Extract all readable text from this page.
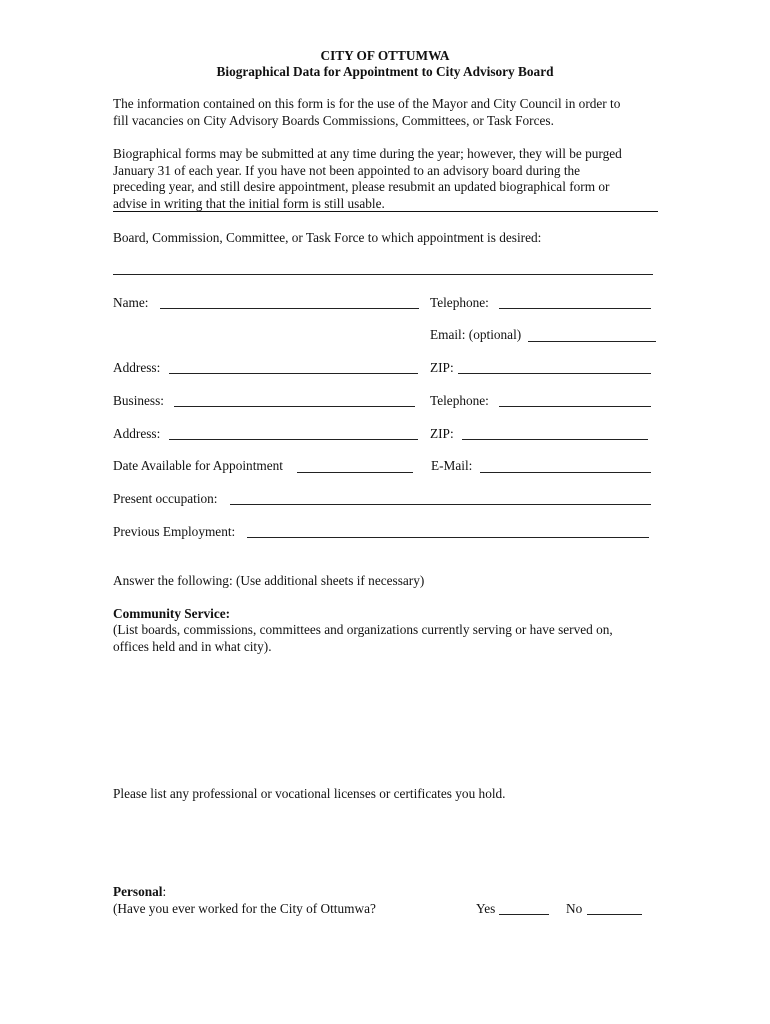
CITY OF OTTUMWA
Biographical Data for Appointment to City Advisory Board
The information contained on this form is for the use of the Mayor and City Council in order to
fill vacancies on City Advisory Boards Commissions, Committees, or Task Forces.
Biographical forms may be submitted at any time during the year; however, they will be purged
January 31 of each year. If you have not been appointed to an advisory board during the
preceding year, and still desire appointment, please resubmit an updated biographical form or
advise in writing that the initial form is still usable.
Board, Commission, Committee, or Task Force to which appointment is desired:
Name:	Telephone:
Email: (optional)
Address:	ZIP:
Business:	Telephone:
Address:	ZIP:
Date Available for Appointment	E-Mail:
Present occupation:
Previous Employment:
Answer the following: (Use additional sheets if necessary)
Community Service:
(List boards, commissions, committees and organizations currently serving or have served on,
offices held and in what city).
Please list any professional or vocational licenses or certificates you hold.
Personal:
(Have you ever worked for the City of Ottumwa?	Yes	No
